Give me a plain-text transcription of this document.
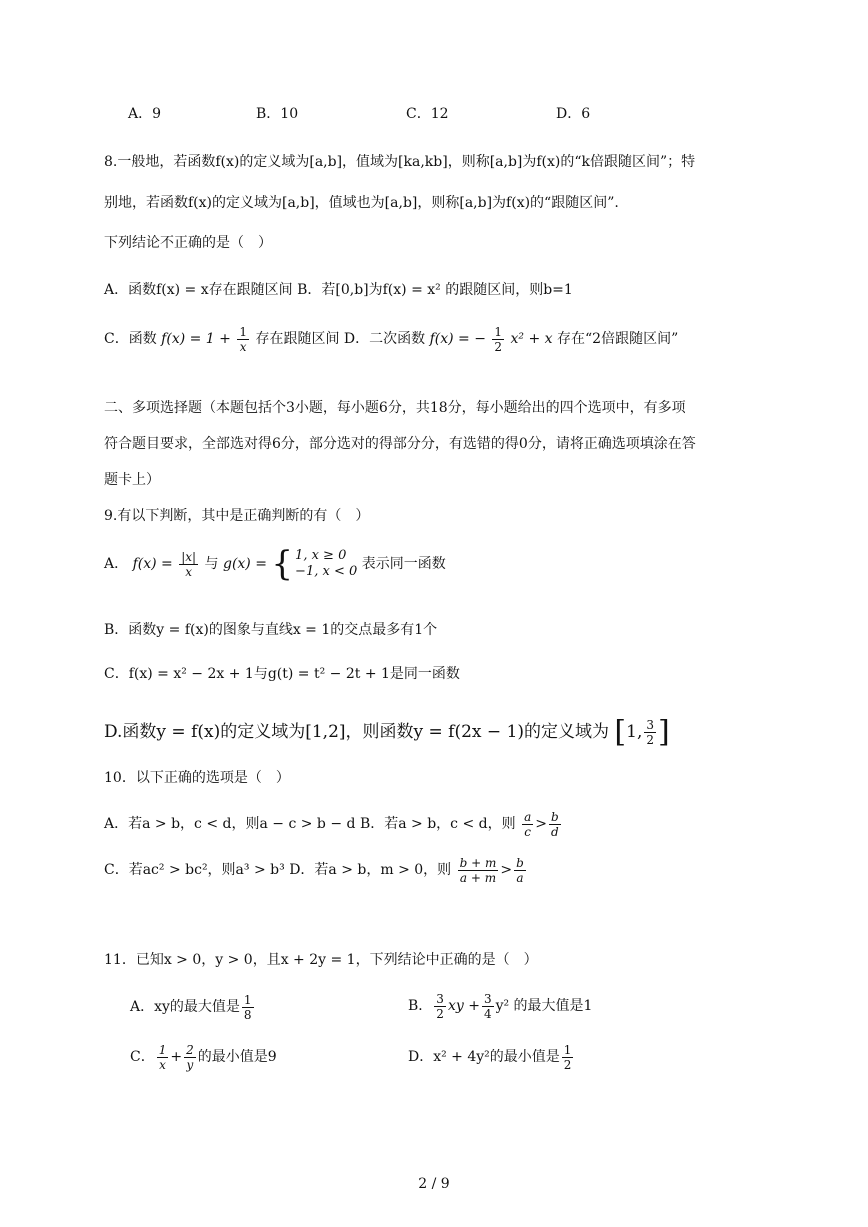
A．9	B．10	C．12	D．6
8.一般地，若函数f(x)的定义域为[a,b]，值域为[ka,kb]，则称[a,b]为f(x)的“k倍跟随区间”；特
别地，若函数f(x)的定义域为[a,b]，值域也为[a,b]，则称[a,b]为f(x)的“跟随区间”.
下列结论不正确的是（　）
A．函数f(x) = x存在跟随区间 B．若[0,b]为f(x) = x² 的跟随区间，则b=1
C．函数 $f(x) = 1 + \frac{1}{x}$ 存在跟随区间 D．二次函数 f(x) = − $\frac{1}{2} x^2 + x$ 存在“2倍跟随区间”
二、多项选择题（本题包括个3小题，每小题6分，共18分，每小题给出的四个选项中，有多项
符合题目要求，全部选对得6分，部分选对的得部分分，有选错的得0分，请将正确选项填涂在答
题卡上）
9.有以下判断，其中是正确判断的有（　）
A． $f(x) = \frac{|x|}{x}$ 与 g(x) = { 1, x ≥ 0
−1, x < 0 表示同一函数
B．函数y = f(x)的图象与直线x = 1的交点最多有1个
C．f(x) = x² − 2x + 1与g(t) = t² − 2t + 1是同一函数
D.函数y = f(x)的定义域为[1,2]，则函数y = f(2x − 1)的定义域为 [1, $\frac{3}{2}$ ]
10．以下正确的选项是（　）
A．若a > b，c < d，则a − c > b − d B．若a > b，c < d，则 $\frac{a}{c} > \frac{b}{d}$
C．若ac² > bc²，则a³ > b³ D．若a > b，m > 0，则 $\frac{b + m}{a + m} > \frac{b}{a}$
11．已知x > 0，y > 0，且x + 2y = 1，下列结论中正确的是（　）
A．xy的最大值是 $\frac{1}{8}$	B． $\frac{3}{2}$ xy + $\frac{3}{4} y^2$ 的最大值是1
C． $\frac{1}{x} + \frac{2}{y}$ 的最小值是9	D．x² + 4y²的最小值是 $\frac{1}{2}$
2 / 9
